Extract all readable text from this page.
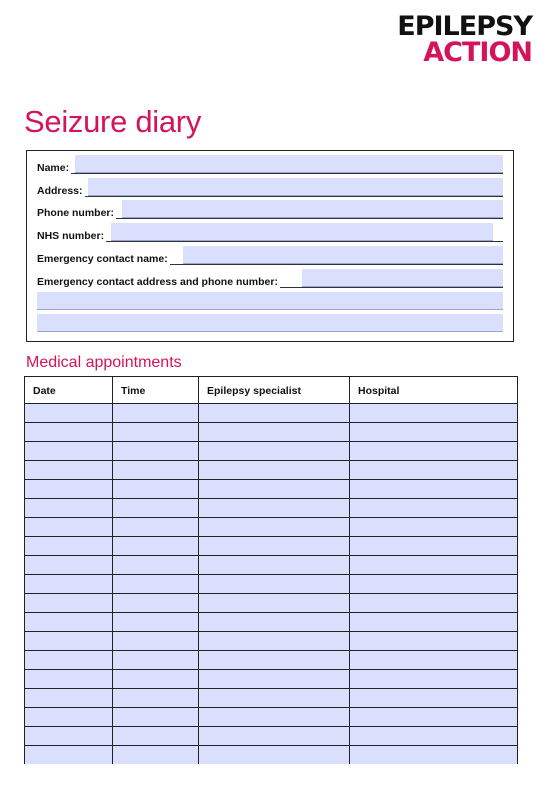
EPILEPSY
ACTION
Seizure diary
Name:
Address:
Phone number:
NHS number:
Emergency contact name:
Emergency contact address and phone number:
Medical appointments
Date	Time	Epilepsy specialist	Hospital
